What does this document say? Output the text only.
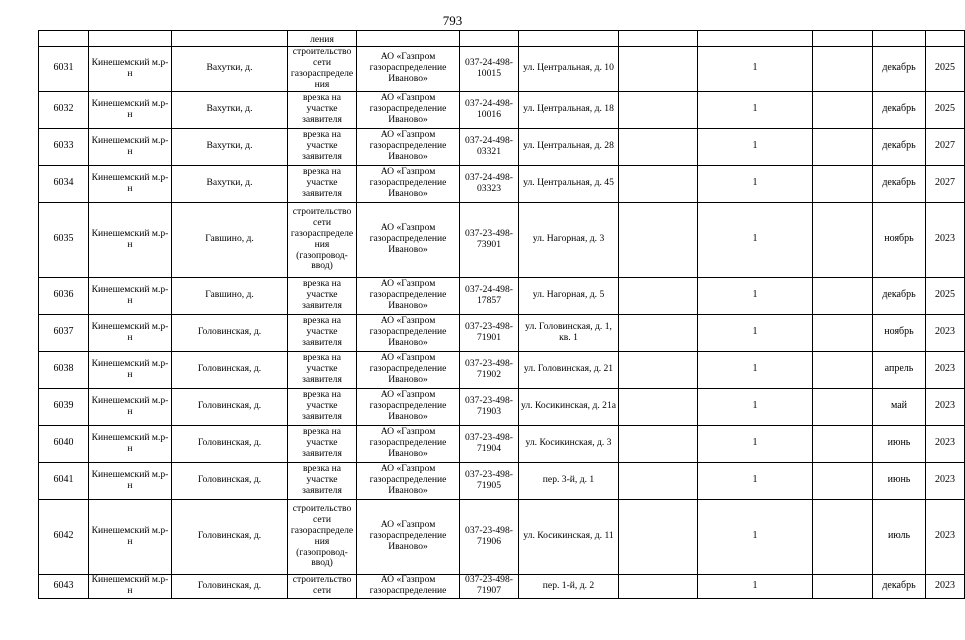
793
			ления								
6031	Кинешемский м.р-н	Вахутки, д.	строительство сети газораспределения	АО «Газпром газораспределение Иваново»	037-24-498-10015	ул. Центральная, д. 10		1		декабрь	2025
6032	Кинешемский м.р-н	Вахутки, д.	врезка на участке заявителя	АО «Газпром газораспределение Иваново»	037-24-498-10016	ул. Центральная, д. 18		1		декабрь	2025
6033	Кинешемский м.р-н	Вахутки, д.	врезка на участке заявителя	АО «Газпром газораспределение Иваново»	037-24-498-03321	ул. Центральная, д. 28		1		декабрь	2027
6034	Кинешемский м.р-н	Вахутки, д.	врезка на участке заявителя	АО «Газпром газораспределение Иваново»	037-24-498-03323	ул. Центральная, д. 45		1		декабрь	2027
6035	Кинешемский м.р-н	Гавшино, д.	строительство сети газораспределения (газопровод-ввод)	АО «Газпром газораспределение Иваново»	037-23-498-73901	ул. Нагорная, д. 3		1		ноябрь	2023
6036	Кинешемский м.р-н	Гавшино, д.	врезка на участке заявителя	АО «Газпром газораспределение Иваново»	037-24-498-17857	ул. Нагорная, д. 5		1		декабрь	2025
6037	Кинешемский м.р-н	Головинская, д.	врезка на участке заявителя	АО «Газпром газораспределение Иваново»	037-23-498-71901	ул. Головинская, д. 1, кв. 1		1		ноябрь	2023
6038	Кинешемский м.р-н	Головинская, д.	врезка на участке заявителя	АО «Газпром газораспределение Иваново»	037-23-498-71902	ул. Головинская, д. 21		1		апрель	2023
6039	Кинешемский м.р-н	Головинская, д.	врезка на участке заявителя	АО «Газпром газораспределение Иваново»	037-23-498-71903	ул. Косикинская, д. 21а		1		май	2023
6040	Кинешемский м.р-н	Головинская, д.	врезка на участке заявителя	АО «Газпром газораспределение Иваново»	037-23-498-71904	ул. Косикинская, д. 3		1		июнь	2023
6041	Кинешемский м.р-н	Головинская, д.	врезка на участке заявителя	АО «Газпром газораспределение Иваново»	037-23-498-71905	пер. 3-й, д. 1		1		июнь	2023
6042	Кинешемский м.р-н	Головинская, д.	строительство сети газораспределения (газопровод-ввод)	АО «Газпром газораспределение Иваново»	037-23-498-71906	ул. Косикинская, д. 11		1		июль	2023
6043	Кинешемский м.р-н	Головинская, д.	строительство сети	АО «Газпром газораспределение	037-23-498-71907	пер. 1-й, д. 2		1		декабрь	2023
